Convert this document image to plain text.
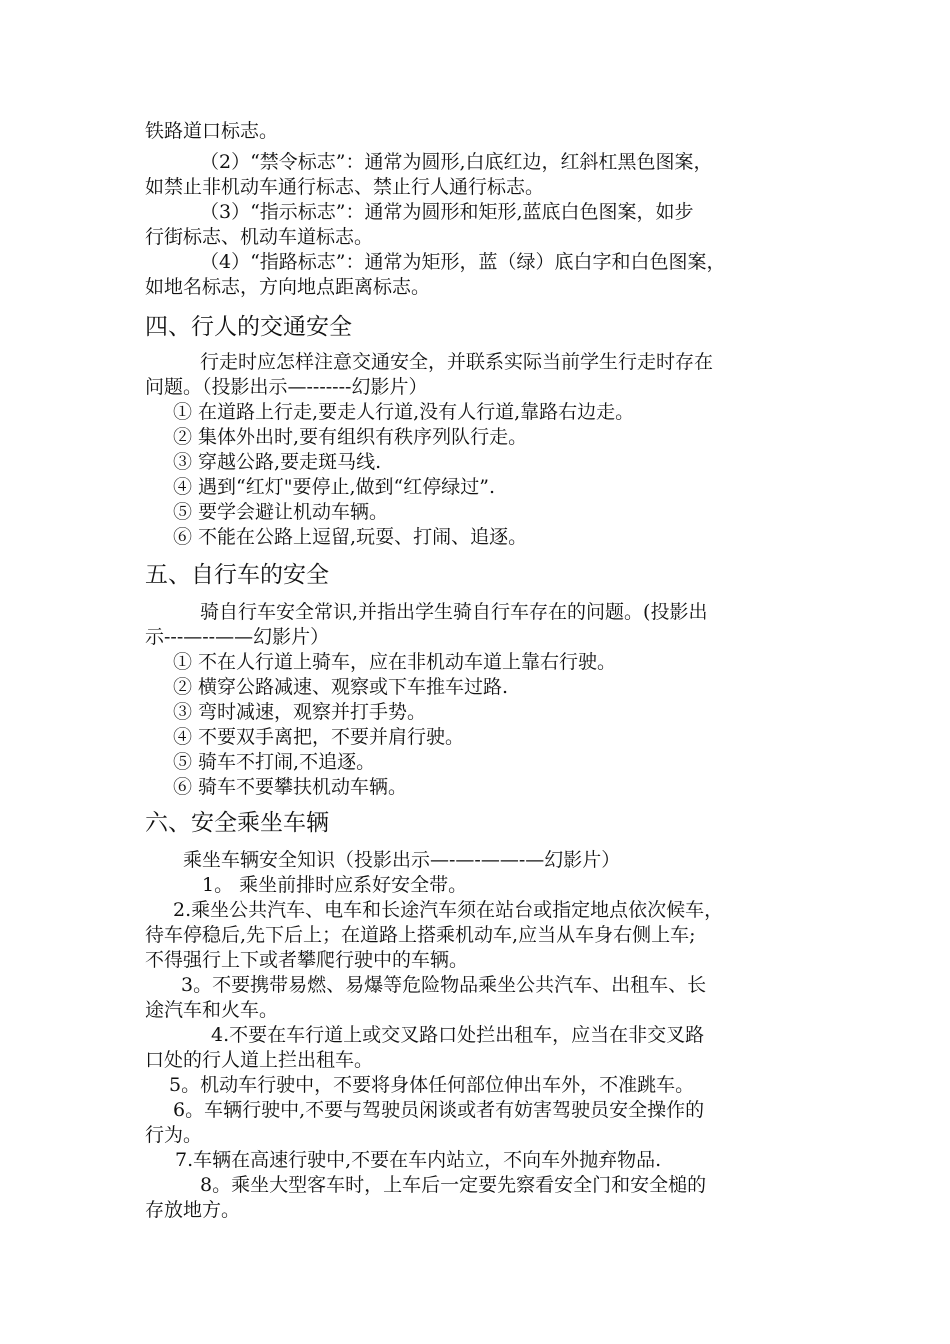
铁路道口标志。
（2）“禁令标志”：通常为圆形,白底红边，红斜杠黑色图案，
如禁止非机动车通行标志、禁止行人通行标志。
（3）“指示标志”：通常为圆形和矩形,蓝底白色图案，如步
行街标志、机动车道标志。
（4）“指路标志”：通常为矩形，蓝（绿）底白字和白色图案，
如地名标志，方向地点距离标志。
四、行人的交通安全
行走时应怎样注意交通安全，并联系实际当前学生行走时存在
问题。（投影出示—-------幻影片）
① 在道路上行走,要走人行道,没有人行道,靠路右边走。
② 集体外出时,要有组织有秩序列队行走。
③ 穿越公路,要走斑马线.
④ 遇到“红灯"要停止,做到“红停绿过”.
⑤ 要学会避让机动车辆。
⑥ 不能在公路上逗留,玩耍、打闹、追逐。
五、自行车的安全
骑自行车安全常识,并指出学生骑自行车存在的问题。(投影出
示---—--——幻影片）
① 不在人行道上骑车，应在非机动车道上靠右行驶。
② 横穿公路减速、观察或下车推车过路.
③ 弯时减速，观察并打手势。
④ 不要双手离把，不要并肩行驶。
⑤ 骑车不打闹,不追逐。
⑥ 骑车不要攀扶机动车辆。
六、安全乘坐车辆
乘坐车辆安全知识（投影出示—-—-——-—幻影片）
1。 乘坐前排时应系好安全带。
2.乘坐公共汽车、电车和长途汽车须在站台或指定地点依次候车，
待车停稳后,先下后上；在道路上搭乘机动车,应当从车身右侧上车;
不得强行上下或者攀爬行驶中的车辆。
3。不要携带易燃、易爆等危险物品乘坐公共汽车、出租车、长
途汽车和火车。
4.不要在车行道上或交叉路口处拦出租车，应当在非交叉路
口处的行人道上拦出租车。
5。机动车行驶中，不要将身体任何部位伸出车外，不准跳车。
6。车辆行驶中,不要与驾驶员闲谈或者有妨害驾驶员安全操作的
行为。
7.车辆在高速行驶中,不要在车内站立，不向车外抛弃物品.
8。乘坐大型客车时，上车后一定要先察看安全门和安全槌的
存放地方。
